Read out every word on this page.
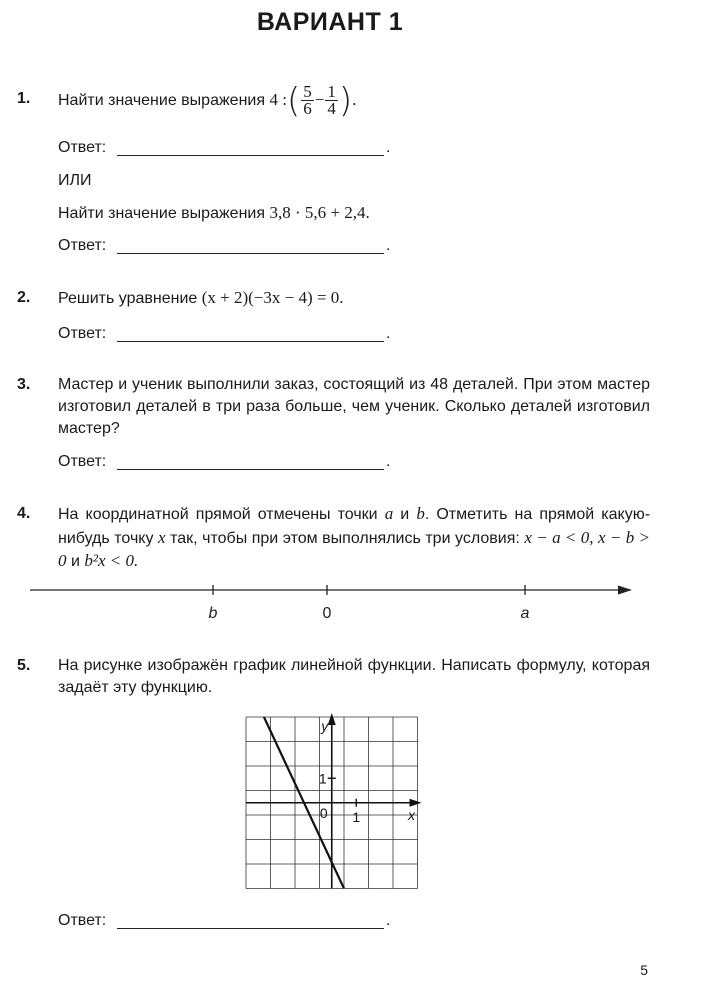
ВАРИАНТ 1
1. Найти значение выражения 4 :( $\frac{5}{6} - \frac{1}{4}$ ).
Ответ:	.
ИЛИ
Найти значение выражения 3,8 · 5,6 + 2,4.
Ответ:	.
2. Решить уравнение (x + 2)(−3x − 4) = 0.
Ответ:	.
3. Мастер и ученик выполнили заказ, состоящий из 48 деталей. При этом мастер изготовил деталей в три раза больше, чем ученик. Сколько деталей изготовил мастер?
Ответ:	.
4. На координатной прямой отмечены точки a и b. Отметить на прямой какую-нибудь точку x так, чтобы при этом выполнялись три условия: x − a < 0, x − b > 0 и b²x < 0.
b	0	a
5. На рисунке изображён график линейной функции. Написать формулу, которая задаёт эту функцию.
y
x
0 1
1
Ответ:	.
5
